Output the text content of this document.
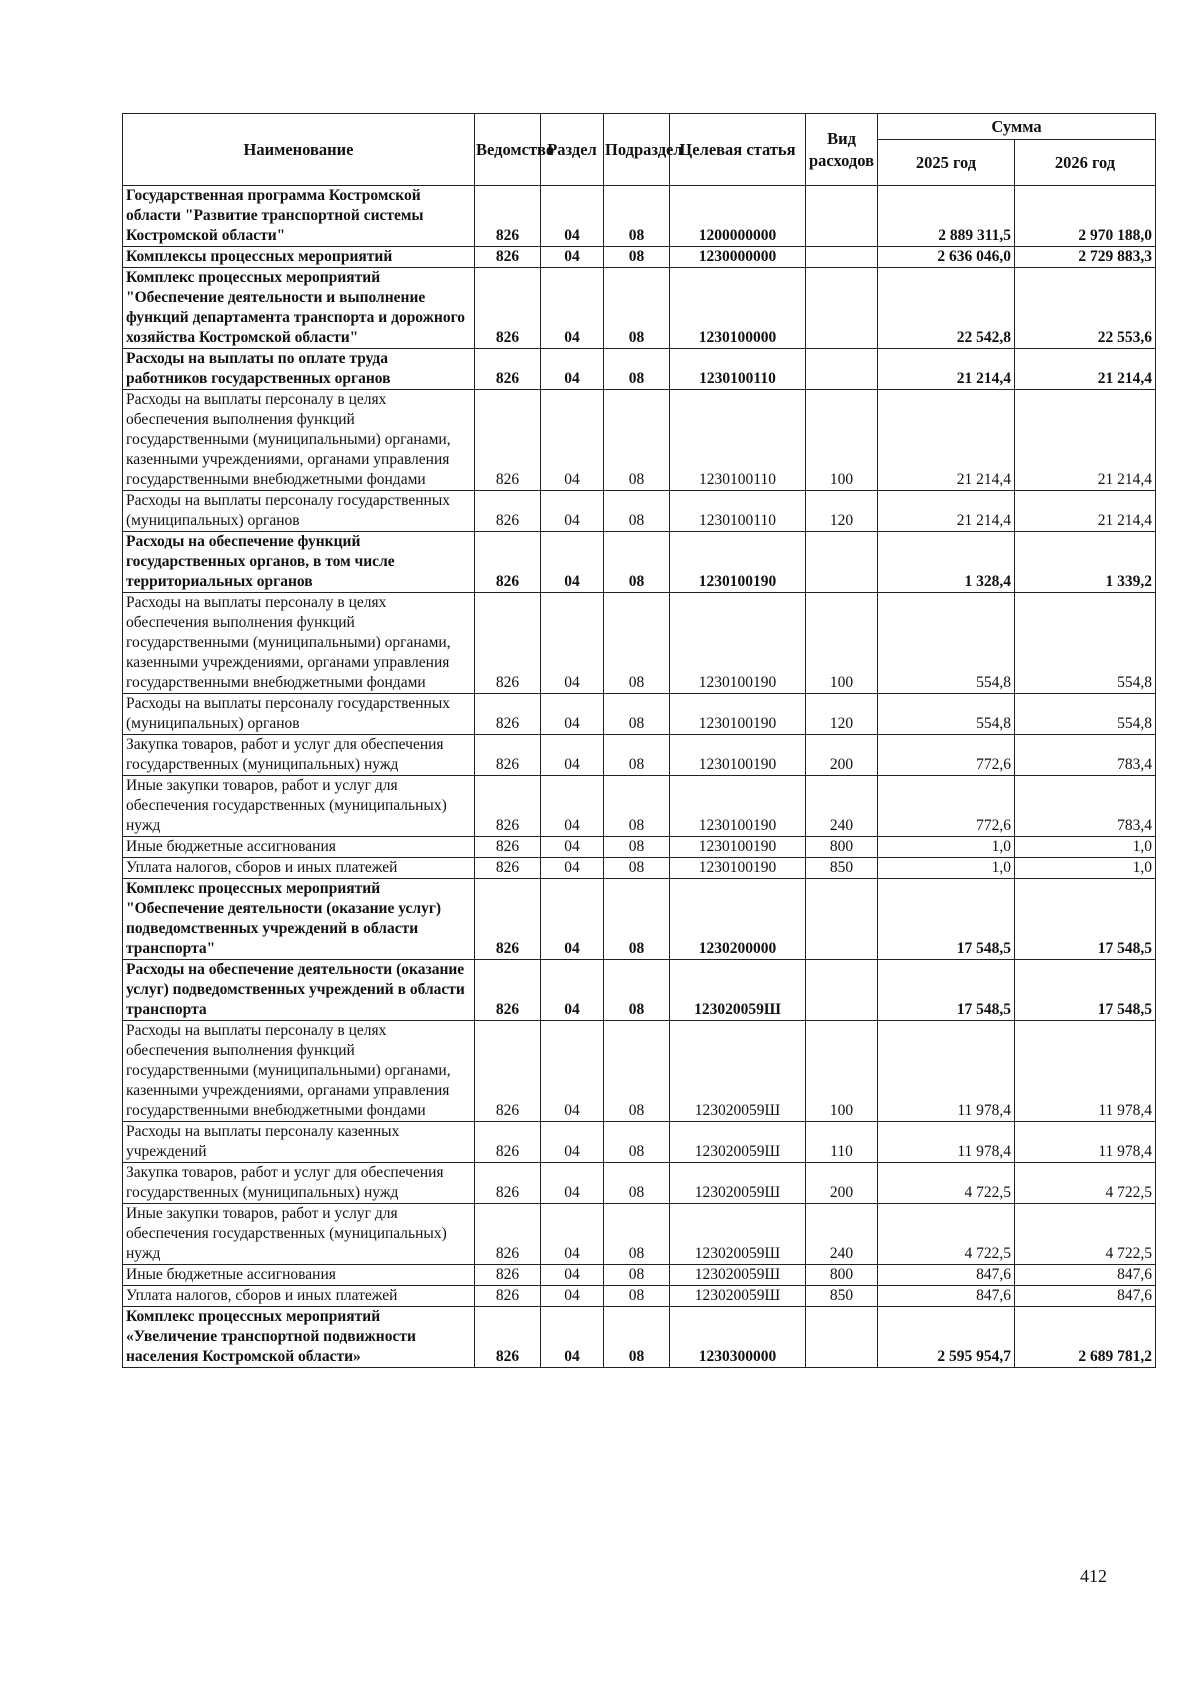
Наименование	Ведомство	Раздел	Подраздел	Целевая статья	Вид расходов	Сумма	
						2025 год	2026 год
Государственная программа Костромской области "Развитие транспортной системы Костромской области"	826	04	08	1200000000		2 889 311,5	2 970 188,0
Комплексы процессных мероприятий	826	04	08	1230000000		2 636 046,0	2 729 883,3
Комплекс процессных мероприятий "Обеспечение деятельности и выполнение функций департамента транспорта и дорожного хозяйства Костромской области"	826	04	08	1230100000		22 542,8	22 553,6
Расходы на выплаты по оплате труда работников государственных органов	826	04	08	1230100110		21 214,4	21 214,4
Расходы на выплаты персоналу в целях обеспечения выполнения функций государственными (муниципальными) органами, казенными учреждениями, органами управления государственными внебюджетными фондами	826	04	08	1230100110	100	21 214,4	21 214,4
Расходы на выплаты персоналу государственных (муниципальных) органов	826	04	08	1230100110	120	21 214,4	21 214,4
Расходы на обеспечение функций государственных органов, в том числе территориальных органов	826	04	08	1230100190		1 328,4	1 339,2
Расходы на выплаты персоналу в целях обеспечения выполнения функций государственными (муниципальными) органами, казенными учреждениями, органами управления государственными внебюджетными фондами	826	04	08	1230100190	100	554,8	554,8
Расходы на выплаты персоналу государственных (муниципальных) органов	826	04	08	1230100190	120	554,8	554,8
Закупка товаров, работ и услуг для обеспечения государственных (муниципальных) нужд	826	04	08	1230100190	200	772,6	783,4
Иные закупки товаров, работ и услуг для обеспечения государственных (муниципальных) нужд	826	04	08	1230100190	240	772,6	783,4
Иные бюджетные ассигнования	826	04	08	1230100190	800	1,0	1,0
Уплата налогов, сборов и иных платежей	826	04	08	1230100190	850	1,0	1,0
Комплекс процессных мероприятий "Обеспечение деятельности (оказание услуг) подведомственных учреждений в области транспорта"	826	04	08	1230200000		17 548,5	17 548,5
Расходы на обеспечение деятельности (оказание услуг) подведомственных учреждений в области транспорта	826	04	08	123020059Ш		17 548,5	17 548,5
Расходы на выплаты персоналу в целях обеспечения выполнения функций государственными (муниципальными) органами, казенными учреждениями, органами управления государственными внебюджетными фондами	826	04	08	123020059Ш	100	11 978,4	11 978,4
Расходы на выплаты персоналу казенных учреждений	826	04	08	123020059Ш	110	11 978,4	11 978,4
Закупка товаров, работ и услуг для обеспечения государственных (муниципальных) нужд	826	04	08	123020059Ш	200	4 722,5	4 722,5
Иные закупки товаров, работ и услуг для обеспечения государственных (муниципальных) нужд	826	04	08	123020059Ш	240	4 722,5	4 722,5
Иные бюджетные ассигнования	826	04	08	123020059Ш	800	847,6	847,6
Уплата налогов, сборов и иных платежей	826	04	08	123020059Ш	850	847,6	847,6
Комплекс процессных мероприятий «Увеличение транспортной подвижности населения Костромской области»	826	04	08	1230300000		2 595 954,7	2 689 781,2
412
